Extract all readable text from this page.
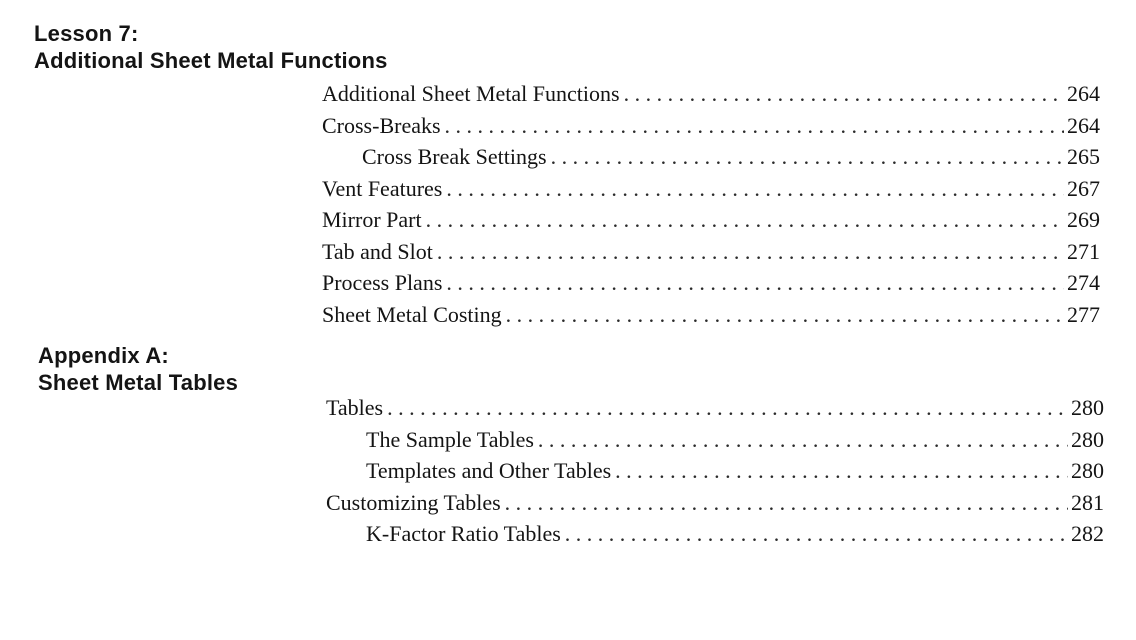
Lesson 7:
Additional Sheet Metal Functions
Additional Sheet Metal Functions . . .	264
Cross-Breaks . . .	264
Cross Break Settings . . .	265
Vent Features . . .	267
Mirror Part . . .	269
Tab and Slot . . .	271
Process Plans . . .	274
Sheet Metal Costing . . .	277
Appendix A:
Sheet Metal Tables
Tables . . .	280
The Sample Tables . . .	280
Templates and Other Tables . . .	280
Customizing Tables . . .	281
K-Factor Ratio Tables . . .	282
